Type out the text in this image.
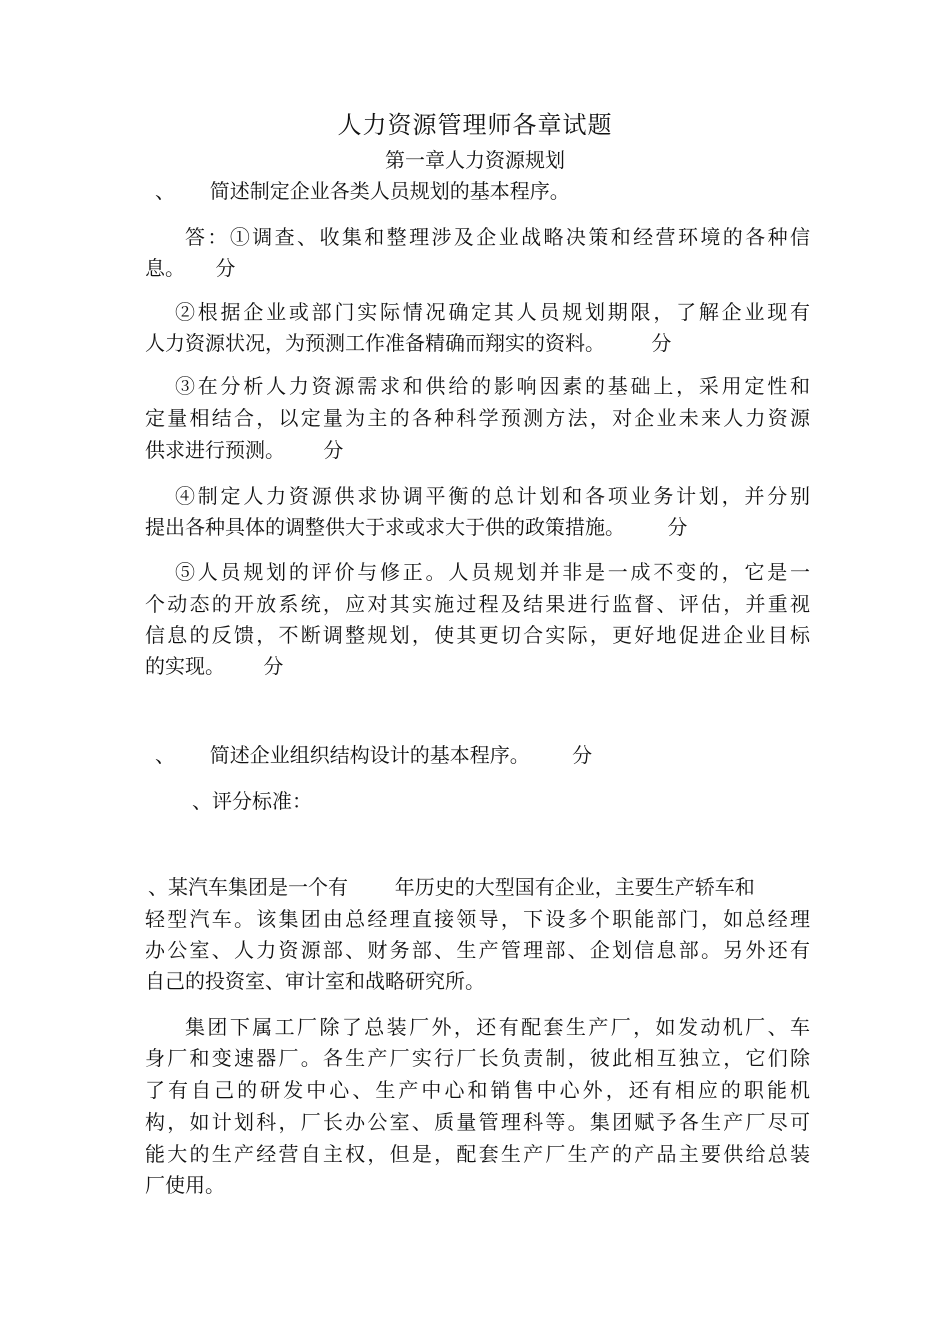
人力资源管理师各章试题
第一章人力资源规划
、 简述制定企业各类人员规划的基本程序。
答：①调查、收集和整理涉及企业战略决策和经营环境的各种信
息。 分
②根据企业或部门实际情况确定其人员规划期限，了解企业现有
人力资源状况，为预测工作准备精确而翔实的资料。 分
③在分析人力资源需求和供给的影响因素的基础上，采用定性和
定量相结合，以定量为主的各种科学预测方法，对企业未来人力资源
供求进行预测。 分
④制定人力资源供求协调平衡的总计划和各项业务计划，并分别
提出各种具体的调整供大于求或求大于供的政策措施。 分
⑤人员规划的评价与修正。人员规划并非是一成不变的，它是一
个动态的开放系统，应对其实施过程及结果进行监督、评估，并重视
信息的反馈，不断调整规划，使其更切合实际，更好地促进企业目标
的实现。 分
、 简述企业组织结构设计的基本程序。 分
、评分标准：
、某汽车集团是一个有 年历史的大型国有企业，主要生产轿车和
轻型汽车。该集团由总经理直接领导，下设多个职能部门，如总经理
办公室、人力资源部、财务部、生产管理部、企划信息部。另外还有
自己的投资室、审计室和战略研究所。
集团下属工厂除了总装厂外，还有配套生产厂，如发动机厂、车
身厂和变速器厂。各生产厂实行厂长负责制，彼此相互独立，它们除
了有自己的研发中心、生产中心和销售中心外，还有相应的职能机
构，如计划科，厂长办公室、质量管理科等。集团赋予各生产厂尽可
能大的生产经营自主权，但是，配套生产厂生产的产品主要供给总装
厂使用。
